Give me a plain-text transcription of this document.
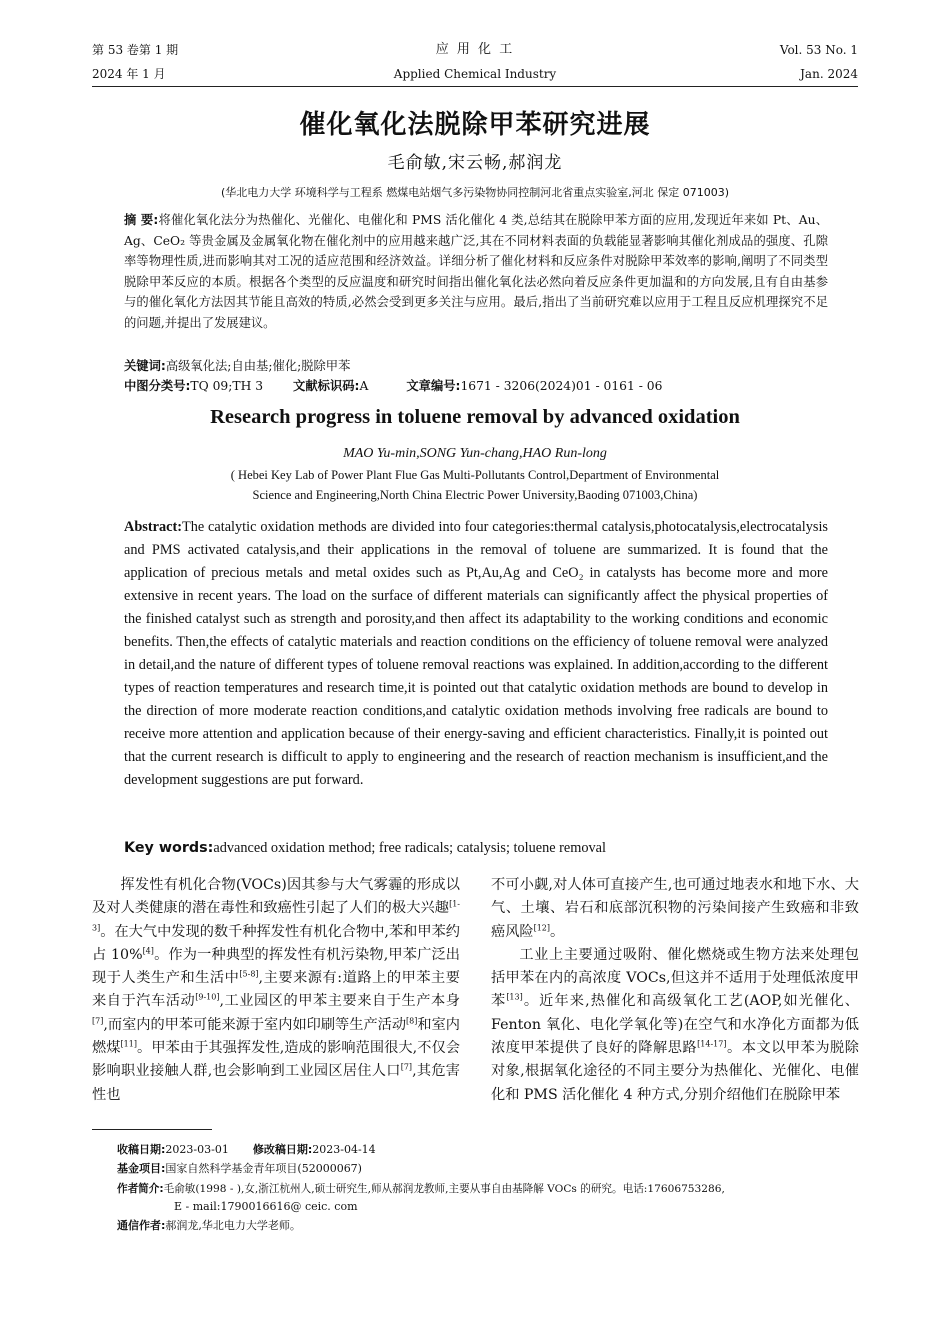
第 53 卷第 1 期
2024 年 1 月
应 用 化 工
Applied Chemical Industry
Vol. 53 No. 1
Jan. 2024
催化氧化法脱除甲苯研究进展
毛俞敏,宋云畅,郝润龙
(华北电力大学 环境科学与工程系 燃煤电站烟气多污染物协同控制河北省重点实验室,河北 保定 071003)
摘 要:将催化氧化法分为热催化、光催化、电催化和 PMS 活化催化 4 类,总结其在脱除甲苯方面的应用,发现近年来如 Pt、Au、Ag、CeO₂ 等贵金属及金属氧化物在催化剂中的应用越来越广泛,其在不同材料表面的负载能显著影响其催化剂成品的强度、孔隙率等物理性质,进而影响其对工况的适应范围和经济效益。详细分析了催化材料和反应条件对脱除甲苯效率的影响,阐明了不同类型脱除甲苯反应的本质。根据各个类型的反应温度和研究时间指出催化氧化法必然向着反应条件更加温和的方向发展,且有自由基参与的催化氧化方法因其节能且高效的特质,必然会受到更多关注与应用。最后,指出了当前研究难以应用于工程且反应机理探究不足的问题,并提出了发展建议。
关键词:高级氧化法;自由基;催化;脱除甲苯
中图分类号:TQ 09;TH 3 文献标识码:A	文章编号:1671 - 3206(2024)01 - 0161 - 06
Research progress in toluene removal by advanced oxidation
MAO Yu-min,SONG Yun-chang,HAO Run-long
( Hebei Key Lab of Power Plant Flue Gas Multi-Pollutants Control,Department of Environmental
Science and Engineering,North China Electric Power University,Baoding 071003,China)
Abstract:The catalytic oxidation methods are divided into four categories:thermal catalysis,photocatalysis,electrocatalysis and PMS activated catalysis,and their applications in the removal of toluene are summarized. It is found that the application of precious metals and metal oxides such as Pt,Au,Ag and CeO₂ in catalysts has become more and more extensive in recent years. The load on the surface of different materials can significantly affect the physical properties of the finished catalyst such as strength and porosity,and then affect its adaptability to the working conditions and economic benefits. Then,the effects of catalytic materials and reaction conditions on the efficiency of toluene removal were analyzed in detail,and the nature of different types of toluene removal reactions was explained. In addition,according to the different types of reaction temperatures and research time,it is pointed out that catalytic oxidation methods are bound to develop in the direction of more moderate reaction conditions,and catalytic oxidation methods involving free radicals are bound to receive more attention and application because of their energy-saving and efficient characteristics. Finally,it is pointed out that the current research is difficult to apply to engineering and the research of reaction mechanism is insufficient,and the development suggestions are put forward.
Key words:advanced oxidation method; free radicals; catalysis; toluene removal

挥发性有机化合物(VOCs)因其参与大气雾霾的形成以及对人类健康的潜在毒性和致癌性引起了人们的极大兴趣[1-3]。在大气中发现的数千种挥发性有机化合物中,苯和甲苯约占 10%[4]。作为一种典型的挥发性有机污染物,甲苯广泛出现于人类生产和生活中[5-8],主要来源有:道路上的甲苯主要来自于汽车活动[9-10],工业园区的甲苯主要来自于生产本身[7],而室内的甲苯可能来源于室内如印刷等生产活动[8]和室内燃煤[11]。甲苯由于其强挥发性,造成的影响范围很大,不仅会影响职业接触人群,也会影响到工业园区居住人口[7],其危害性也

不可小觑,对人体可直接产生,也可通过地表水和地下水、大气、土壤、岩石和底部沉积物的污染间接产生致癌和非致癌风险[12]。

工业上主要通过吸附、催化燃烧或生物方法来处理包括甲苯在内的高浓度 VOCs,但这并不适用于处理低浓度甲苯[13]。近年来,热催化和高级氧化工艺(AOP,如光催化、Fenton 氧化、电化学氧化等)在空气和水净化方面都为低浓度甲苯提供了良好的降解思路[14-17]。本文以甲苯为脱除对象,根据氧化途径的不同主要分为热催化、光催化、电催化和 PMS 活化催化 4 种方式,分别介绍他们在脱除甲苯

收稿日期:2023-03-01 修改稿日期:2023-04-14
基金项目:国家自然科学基金青年项目(52000067)
作者简介:毛俞敏(1998 - ),女,浙江杭州人,硕士研究生,师从郝润龙教师,主要从事自由基降解 VOCs 的研究。电话:17606753286,
E - mail:1790016616@ ceic. com
通信作者:郝润龙,华北电力大学老师。
